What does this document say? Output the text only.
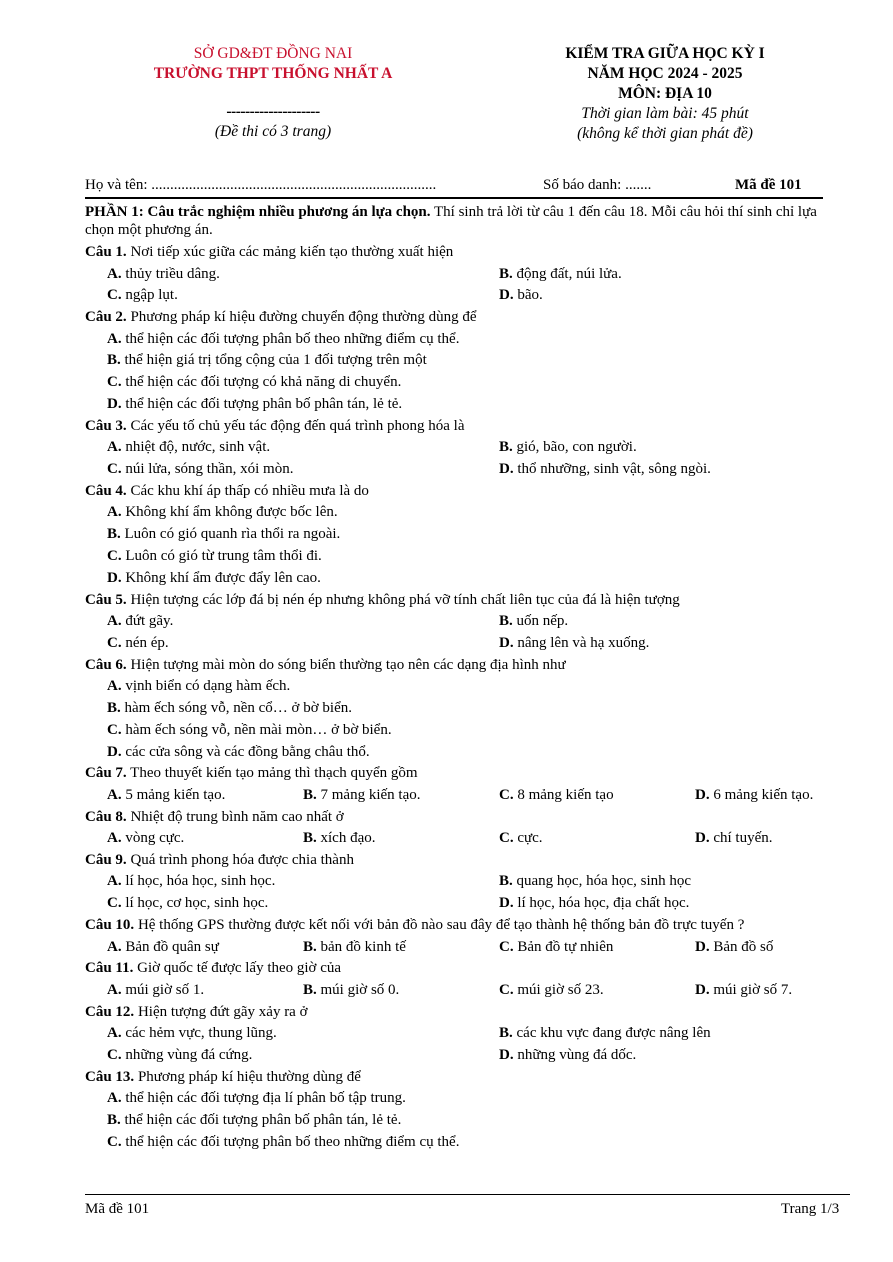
SỞ GD&ĐT ĐỒNG NAI
TRƯỜNG THPT THỐNG NHẤT A
--------------------
(Đề thi có 3 trang)
KIỂM TRA GIỮA HỌC KỲ I
NĂM HỌC 2024 - 2025
MÔN: ĐỊA 10
Thời gian làm bài: 45 phút
(không kể thời gian phát đề)
Họ và tên: ............................................................................	Số báo danh: .......	Mã đề 101
PHẦN 1: Câu trắc nghiệm nhiều phương án lựa chọn. Thí sinh trả lời từ câu 1 đến câu 18. Mỗi câu hỏi thí sinh chỉ lựa chọn một phương án.
Câu 1. Nơi tiếp xúc giữa các mảng kiến tạo thường xuất hiện
A. thủy triều dâng.	B. động đất, núi lửa.
C. ngập lụt.	D. bão.
Câu 2. Phương pháp kí hiệu đường chuyển động thường dùng để
A. thể hiện các đối tượng phân bố theo những điểm cụ thể.
B. thể hiện giá trị tổng cộng của 1 đối tượng trên một
C. thể hiện các đối tượng có khả năng di chuyển.
D. thể hiện các đối tượng phân bố phân tán, lẻ tẻ.
Câu 3. Các yếu tố chủ yếu tác động đến quá trình phong hóa là
A. nhiệt độ, nước, sinh vật.	B. gió, bão, con người.
C. núi lửa, sóng thần, xói mòn.	D. thổ nhưỡng, sinh vật, sông ngòi.
Câu 4. Các khu khí áp thấp có nhiều mưa là do
A. Không khí ẩm không được bốc lên.
B. Luôn có gió quanh rìa thổi ra ngoài.
C. Luôn có gió từ trung tâm thổi đi.
D. Không khí ẩm được đẩy lên cao.
Câu 5. Hiện tượng các lớp đá bị nén ép nhưng không phá vỡ tính chất liên tục của đá là hiện tượng
A. đứt gãy.	B. uốn nếp.
C. nén ép.	D. nâng lên và hạ xuống.
Câu 6. Hiện tượng mài mòn do sóng biển thường tạo nên các dạng địa hình như
A. vịnh biển có dạng hàm ếch.
B. hàm ếch sóng vỗ, nền cổ… ở bờ biển.
C. hàm ếch sóng vỗ, nền mài mòn… ở bờ biển.
D. các cửa sông và các đồng bằng châu thổ.
Câu 7. Theo thuyết kiến tạo mảng thì thạch quyển gồm
A. 5 mảng kiến tạo.	B. 7 mảng kiến tạo.	C. 8 mảng kiến tạo	D. 6 mảng kiến tạo.
Câu 8. Nhiệt độ trung bình năm cao nhất ở
A. vòng cực.	B. xích đạo.	C. cực.	D. chí tuyến.
Câu 9. Quá trình phong hóa được chia thành
A. lí học, hóa học, sinh học.	B. quang học, hóa học, sinh học
C. lí học, cơ học, sinh học.	D. lí học, hóa học, địa chất học.
Câu 10. Hệ thống GPS thường được kết nối với bản đồ nào sau đây để tạo thành hệ thống bản đồ trực tuyến ?
A. Bản đồ quân sự	B. bản đồ kinh tế	C. Bản đồ tự nhiên	D. Bản đồ số
Câu 11. Giờ quốc tế được lấy theo giờ của
A. múi giờ số 1.	B. múi giờ số 0.	C. múi giờ số 23.	D. múi giờ số 7.
Câu 12. Hiện tượng đứt gãy xảy ra ở
A. các hẻm vực, thung lũng.	B. các khu vực đang được nâng lên
C. những vùng đá cứng.	D. những vùng đá dốc.
Câu 13. Phương pháp kí hiệu thường dùng để
A. thể hiện các đối tượng địa lí phân bố tập trung.
B. thể hiện các đối tượng phân bố phân tán, lẻ tẻ.
C. thể hiện các đối tượng phân bố theo những điểm cụ thể.
Mã đề 101	Trang 1/3
